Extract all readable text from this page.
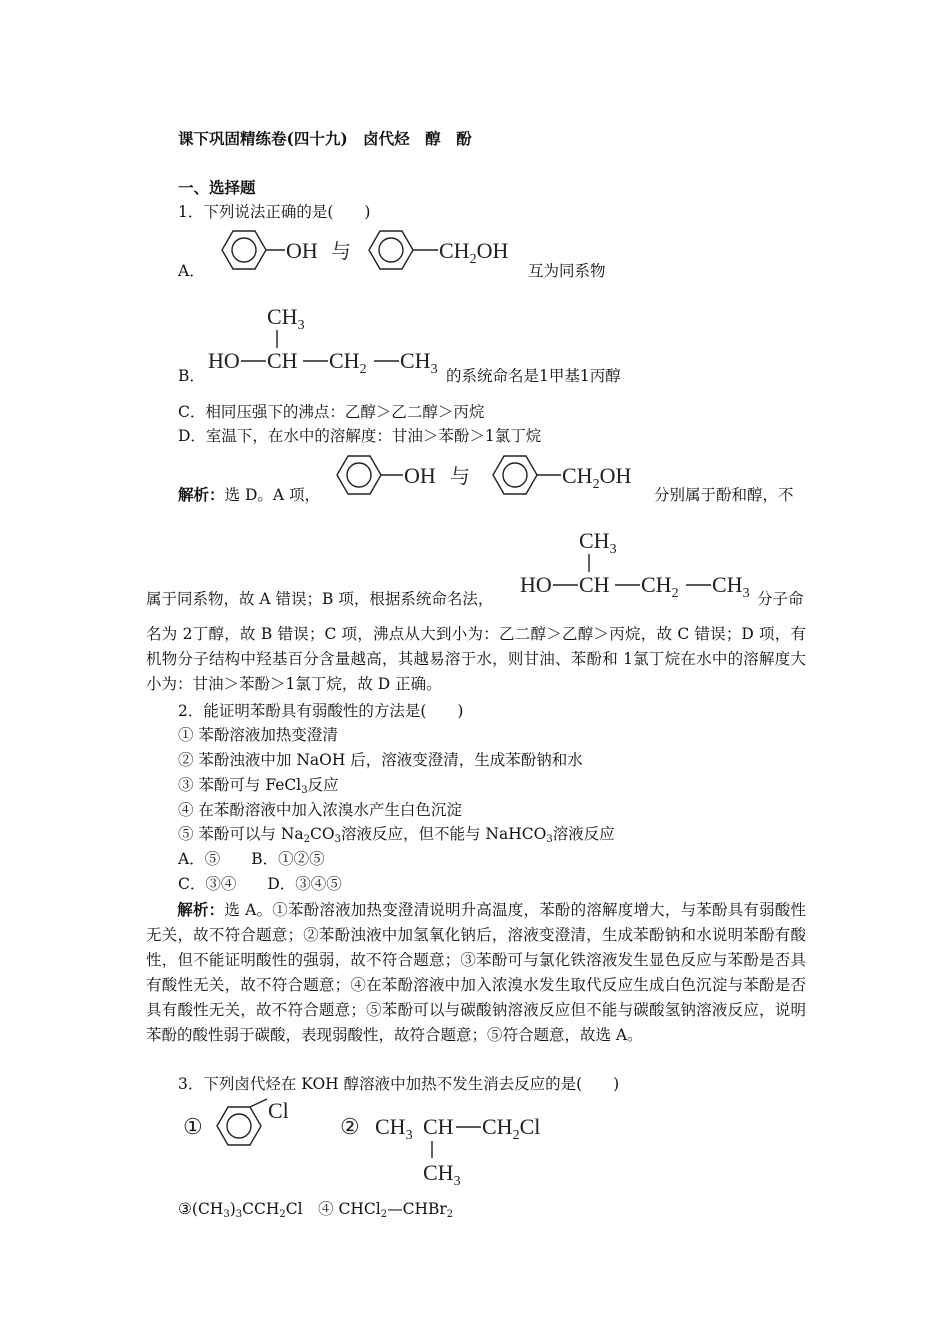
课下巩固精练卷(四十九)　卤代烃　醇　酚
一、选择题
1．下列说法正确的是(　　)
A．
OH 与	$CH_2OH$
互为同系物
B．
$CH_3$
HO CH $CH_2$ $CH_3$ 的系统命名是1甲基1丙醇
C．相同压强下的沸点：乙醇＞乙二醇＞丙烷
D．室温下，在水中的溶解度：甘油＞苯酚＞1氯丁烷
解析：选 D。A 项，
OH 与	$CH_2OH$
分别属于酚和醇，不
属于同系物，故 A 错误；B 项，根据系统命名法，
$CH_3$
HO CH $CH_2$ $CH_3$ 分子命
名为 2丁醇，故 B 错误；C 项，沸点从大到小为：乙二醇＞乙醇＞丙烷，故 C 错误；D 项，有机物分子结构中羟基百分含量越高，其越易溶于水，则甘油、苯酚和 1氯丁烷在水中的溶解度大小为：甘油＞苯酚＞1氯丁烷，故 D 正确。
2．能证明苯酚具有弱酸性的方法是(　　)
① 苯酚溶液加热变澄清
② 苯酚浊液中加 NaOH 后，溶液变澄清，生成苯酚钠和水
③ 苯酚可与 FeCl$_3$反应
④ 在苯酚溶液中加入浓溴水产生白色沉淀
⑤ 苯酚可以与 $Na_2CO_3$溶液反应，但不能与 NaHCO$_3$溶液反应
A．⑤　　B．①②⑤
C．③④　　D．③④⑤
解析：选 A。①苯酚溶液加热变澄清说明升高温度，苯酚的溶解度增大，与苯酚具有弱酸性无关，故不符合题意；②苯酚浊液中加氢氧化钠后，溶液变澄清，生成苯酚钠和水说明苯酚有酸性，但不能证明酸性的强弱，故不符合题意；③苯酚可与氯化铁溶液发生显色反应与苯酚是否具有酸性无关，故不符合题意；④在苯酚溶液中加入浓溴水发生取代反应生成白色沉淀与苯酚是否具有酸性无关，故不符合题意；⑤苯酚可以与碳酸钠溶液反应但不能与碳酸氢钠溶液反应，说明苯酚的酸性弱于碳酸，表现弱酸性，故符合题意；⑤符合题意，故选 A。
3．下列卤代烃在 KOH 醇溶液中加热不发生消去反应的是(　　)
①
Cl
② $CH_3$ CH $CH_2Cl$
$CH_3$
$③(CH_3)_3CCH_2Cl$　④ CHCl$_2$—CHBr$_2$
